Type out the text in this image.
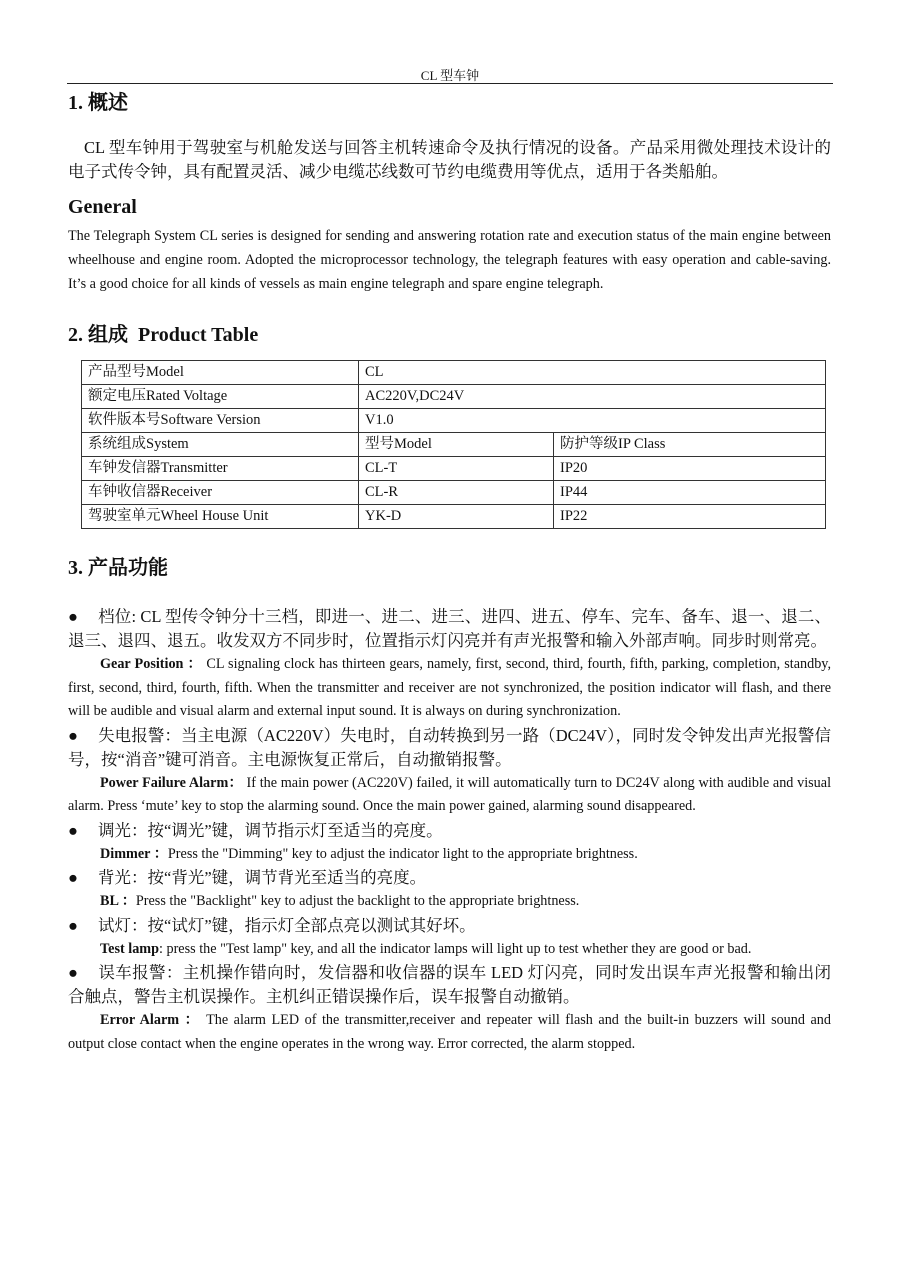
CL 型车钟
1. 概述

CL 型车钟用于驾驶室与机舱发送与回答主机转速命令及执行情况的设备。产品采用微处理技术设计的电子式传令钟，具有配置灵活、减少电缆芯线数可节约电缆费用等优点，适用于各类船舶。

General

The Telegraph System CL series is designed for sending and answering rotation rate and execution status of the main engine between wheelhouse and engine room. Adopted the microprocessor technology, the telegraph features with easy operation and cable-saving. It’s a good choice for all kinds of vessels as main engine telegraph and spare engine telegraph.

2. 组成  Product Table
产品型号Model	CL	
额定电压Rated Voltage	AC220V,DC24V	
软件版本号Software Version	V1.0	
系统组成System	型号Model	防护等级IP Class
车钟发信器Transmitter	CL-T	IP20
车钟收信器Receiver	CL-R	IP44
驾驶室单元Wheel House Unit	YK-D	IP22
3. 产品功能

● 档位: CL 型传令钟分十三档，即进一、进二、进三、进四、进五、停车、完车、备车、退一、退二、退三、退四、退五。收发双方不同步时，位置指示灯闪亮并有声光报警和输入外部声响。同步时则常亮。

Gear Position ： CL signaling clock has thirteen gears, namely, first, second, third, fourth, fifth, parking, completion, standby, first, second, third, fourth, fifth. When the transmitter and receiver are not synchronized, the position indicator will flash, and there will be audible and visual alarm and external input sound. It is always on during synchronization.

● 失电报警：当主电源（AC220V）失电时，自动转换到另一路（DC24V），同时发令钟发出声光报警信号，按“消音”键可消音。主电源恢复正常后，自动撤销报警。

Power Failure Alarm： If the main power (AC220V) failed, it will automatically turn to DC24V along with audible and visual alarm. Press ‘mute’ key to stop the alarming sound. Once the main power gained, alarming sound disappeared.

● 调光：按“调光”键，调节指示灯至适当的亮度。

Dimmer ：Press the "Dimming" key to adjust the indicator light to the appropriate brightness.

● 背光：按“背光”键，调节背光至适当的亮度。

BL ：Press the "Backlight" key to adjust the backlight to the appropriate brightness.

● 试灯：按“试灯”键，指示灯全部点亮以测试其好坏。

Test lamp: press the "Test lamp" key, and all the indicator lamps will light up to test whether they are good or bad.

● 误车报警：主机操作错向时，发信器和收信器的误车 LED 灯闪亮，同时发出误车声光报警和输出闭合触点，警告主机误操作。主机纠正错误操作后，误车报警自动撤销。

Error Alarm ： The alarm LED of the transmitter,receiver and repeater will flash and the built-in buzzers will sound and output close contact when the engine operates in the wrong way. Error corrected, the alarm stopped.
